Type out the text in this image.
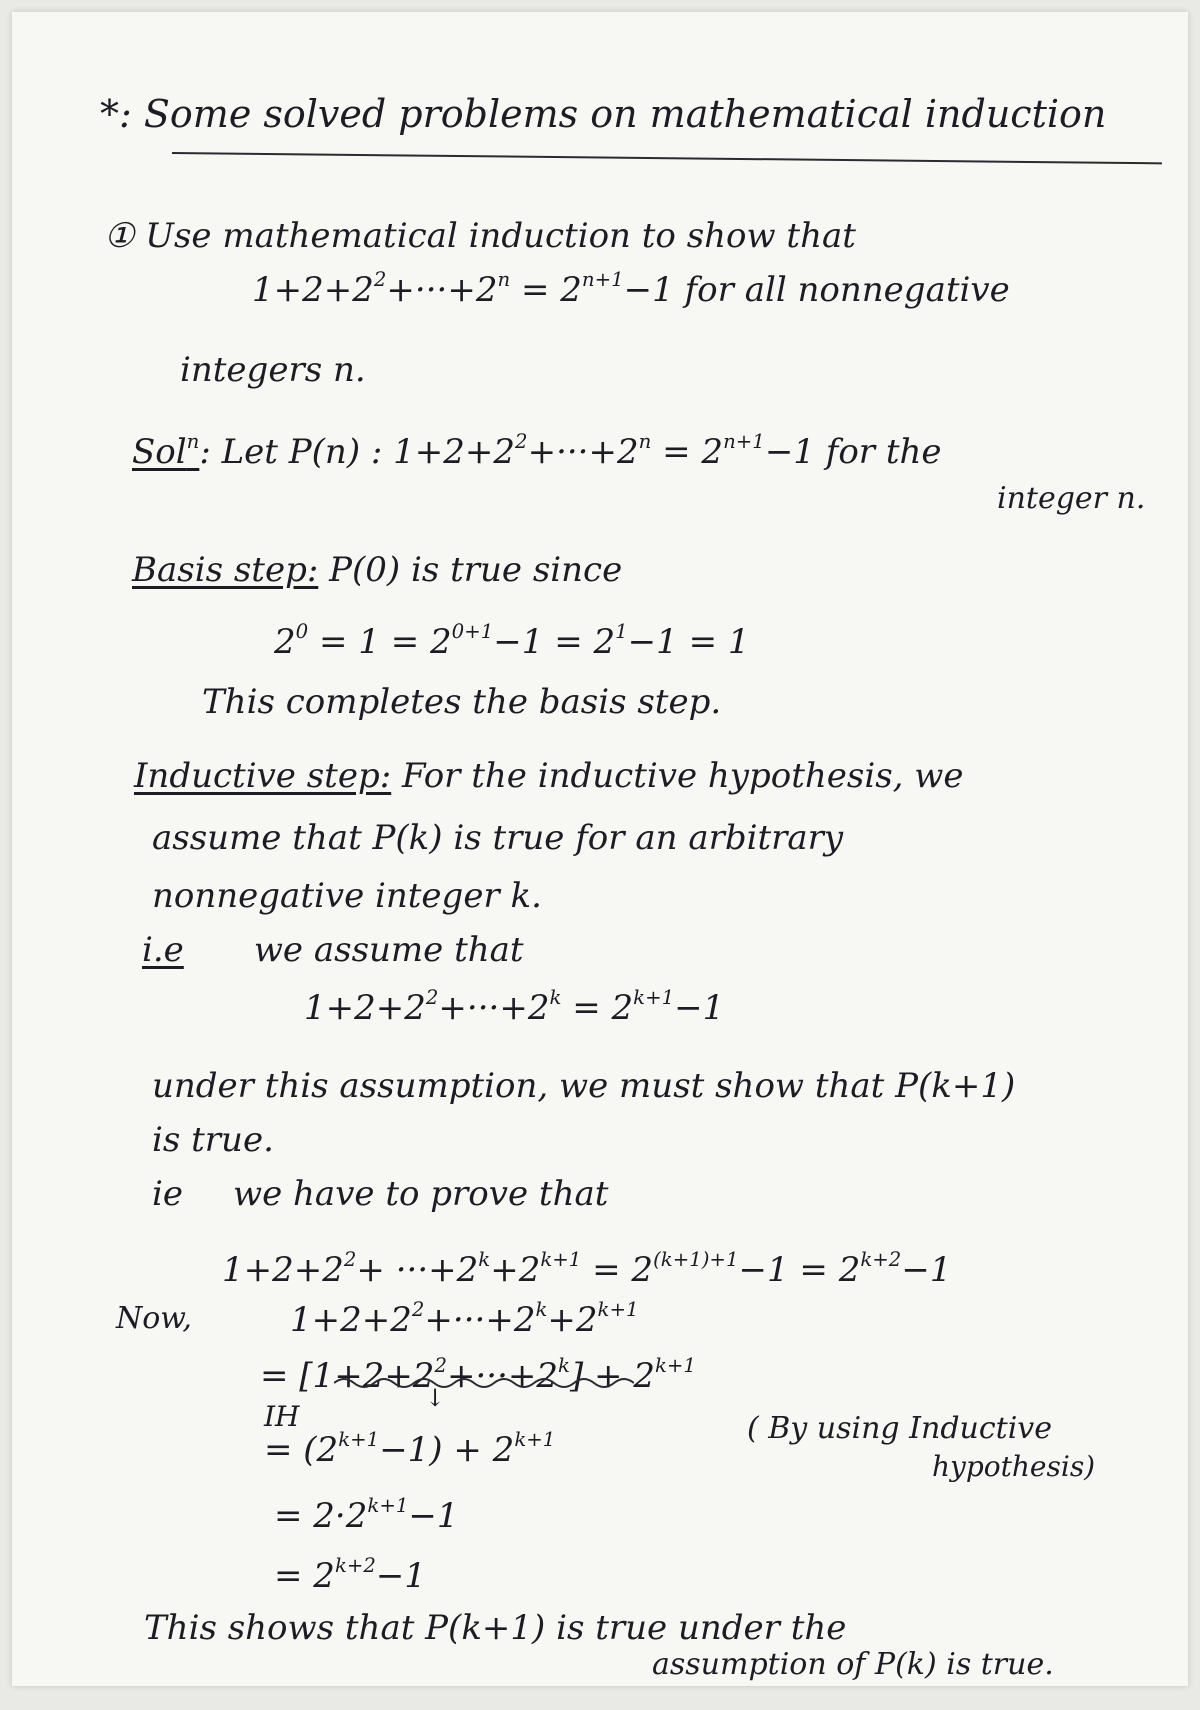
*: Some solved problems on mathematical induction
① Use mathematical induction to show that
$1+2+2^2+\cdot\cdot\cdot+2^n = 2^{n+1}-1$ for all nonnegative
integers n.
Sol$^n$: Let P(n) : $1+2+2^2+\cdot\cdot\cdot+2^n = 2^{n+1}-1$ for the
integer n.
Basis step: P(0) is true since
$2^0 = 1 = 2^{0+1}-1 = 2^1-1 = 1$
This completes the basis step.
Inductive step: For the inductive hypothesis, we
assume that P(k) is true for an arbitrary
nonnegative integer k.
i.e we assume that
$1+2+2^2+\cdot\cdot\cdot+2^k = 2^{k+1}-1$
under this assumption, we must show that P(k+1)
is true.
ie we have to prove that
$1+2+2^2+ \cdot\cdot\cdot+2^k+2^{k+1} = 2^{(k+1)+1}-1 = 2^{k+2}-1$
Now,	$1+2+2^2+\cdot\cdot\cdot+2^k+2^{k+1}$
= $[1+2+2^2+\cdot\cdot\cdot+2^k] + 2^{k+1}$
↓
IH
= $(2^{k+1}-1) + 2^{k+1}$	( By using Inductive
hypothesis)
= $2\cdot 2^{k+1}-1$
= $2^{k+2}-1$
This shows that P(k+1) is true under the
assumption of P(k) is true.
